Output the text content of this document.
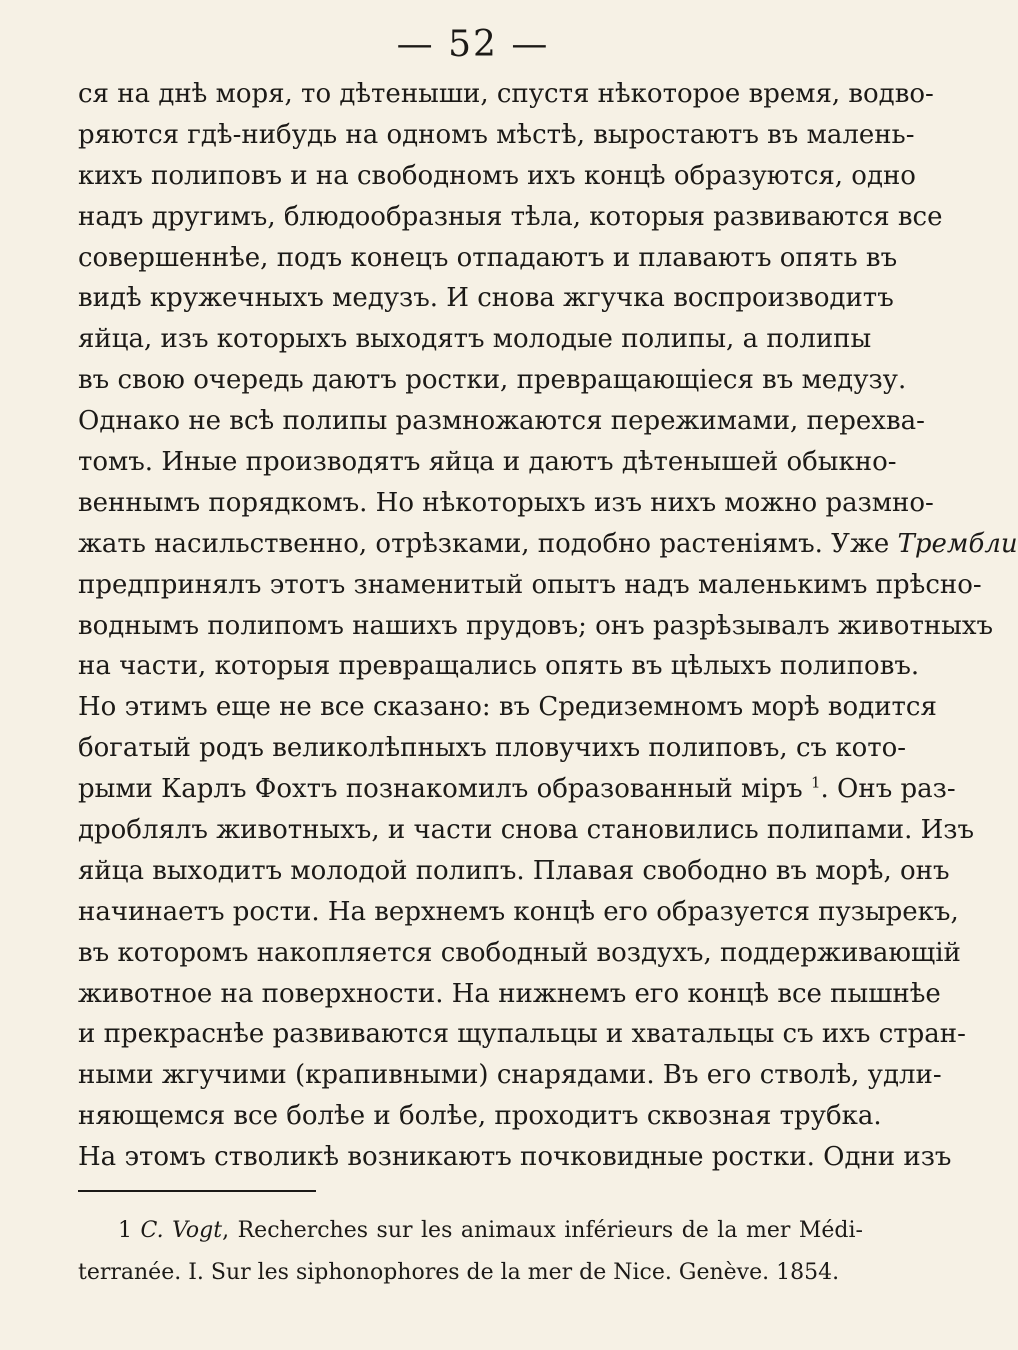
— 52 —
ся на днѣ моря, то дѣтеныши, спустя нѣкоторое время, водво-
ряются гдѣ-нибудь на одномъ мѣстѣ, выростаютъ въ малень-
кихъ полиповъ и на свободномъ ихъ концѣ образуются, одно
надъ другимъ, блюдообразныя тѣла, которыя развиваются все
совершеннѣе, подъ конецъ отпадаютъ и плаваютъ опять въ
видѣ кружечныхъ медузъ. И снова жгучка воспроизводитъ
яйца, изъ которыхъ выходятъ молодые полипы, а полипы
въ свою очередь даютъ ростки, превращающіеся въ медузу.
Однако не всѣ полипы размножаются пережимами, перехва-
томъ. Иные производятъ яйца и даютъ дѣтенышей обыкно-
веннымъ порядкомъ. Но нѣкоторыхъ изъ нихъ можно размно-
жать насильственно, отрѣзками, подобно растеніямъ. Уже Трембли
предпринялъ этотъ знаменитый опытъ надъ маленькимъ прѣсно-
воднымъ полипомъ нашихъ прудовъ; онъ разрѣзывалъ животныхъ
на части, которыя превращались опять въ цѣлыхъ полиповъ.
Но этимъ еще не все сказано: въ Средиземномъ морѣ водится
богатый родъ великолѣпныхъ пловучихъ полиповъ, съ кото-
рыми Карлъ Фохтъ познакомилъ образованный міръ $^1$. Онъ раз-
дроблялъ животныхъ, и части снова становились полипами. Изъ
яйца выходитъ молодой полипъ. Плавая свободно въ морѣ, онъ
начинаетъ рости. На верхнемъ концѣ его образуется пузырекъ,
въ которомъ накопляется свободный воздухъ, поддерживающій
животное на поверхности. На нижнемъ его концѣ все пышнѣе
и прекраснѣе развиваются щупальцы и хватальцы съ ихъ стран-
ными жгучими (крапивными) снарядами. Въ его стволѣ, удли-
няющемся все болѣе и болѣе, проходитъ сквозная трубка.
На этомъ стволикѣ возникаютъ почковидные ростки. Одни изъ
1 C. Vogt, Recherches sur les animaux inférieurs de la mer Médi-
terranée. I. Sur les siphonophores de la mer de Nice. Genève. 1854.
